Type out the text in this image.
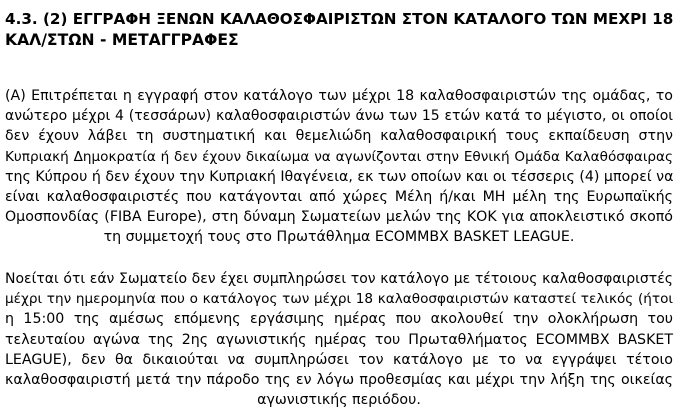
4.3. (2) ΕΓΓΡΑΦΗ ΞΕΝΩΝ ΚΑΛΑΘΟΣΦΑΙΡΙΣΤΩΝ ΣΤΟΝ ΚΑΤΑΛΟΓΟ ΤΩΝ ΜΕΧΡΙ 18
ΚΑΛ/ΣΤΩΝ - ΜΕΤΑΓΓΡΑΦΕΣ

(Α) Επιτρέπεται η εγγραφή στον κατάλογο των μέχρι 18 καλαθοσφαιριστών της ομάδας, το
ανώτερο μέχρι 4 (τεσσάρων) καλαθοσφαιριστών άνω των 15 ετών κατά το μέγιστο, οι οποίοι
δεν έχουν λάβει τη συστηματική και θεμελιώδη καλαθοσφαιρική τους εκπαίδευση στην
Κυπριακή Δημοκρατία ή δεν έχουν δικαίωμα να αγωνίζονται στην Εθνική Ομάδα Καλαθόσφαιρας
της Κύπρου ή δεν έχουν την Κυπριακή Ιθαγένεια, εκ των οποίων και οι τέσσερις (4) μπορεί να
είναι καλαθοσφαιριστές που κατάγονται από χώρες Μέλη ή/και ΜΗ μέλη της Ευρωπαϊκής
Ομοσπονδίας (FIBA Europe), στη δύναμη Σωματείων μελών της ΚΟΚ για αποκλειστικό σκοπό
τη συμμετοχή τους στο Πρωτάθλημα ECOMMBX BASKET LEAGUE.

Νοείται ότι εάν Σωματείο δεν έχει συμπληρώσει τον κατάλογο με τέτοιους καλαθοσφαιριστές
μέχρι την ημερομηνία που ο κατάλογος των μέχρι 18 καλαθοσφαιριστών καταστεί τελικός (ήτοι
η 15:00 της αμέσως επόμενης εργάσιμης ημέρας που ακολουθεί την ολοκλήρωση του
τελευταίου αγώνα της 2ης αγωνιστικής ημέρας του Πρωταθλήματος ECOMMBX BASKET
LEAGUE), δεν θα δικαιούται να συμπληρώσει τον κατάλογο με το να εγγράψει τέτοιο
καλαθοσφαιριστή μετά την πάροδο της εν λόγω προθεσμίας και μέχρι την λήξη της οικείας
αγωνιστικής περιόδου.
